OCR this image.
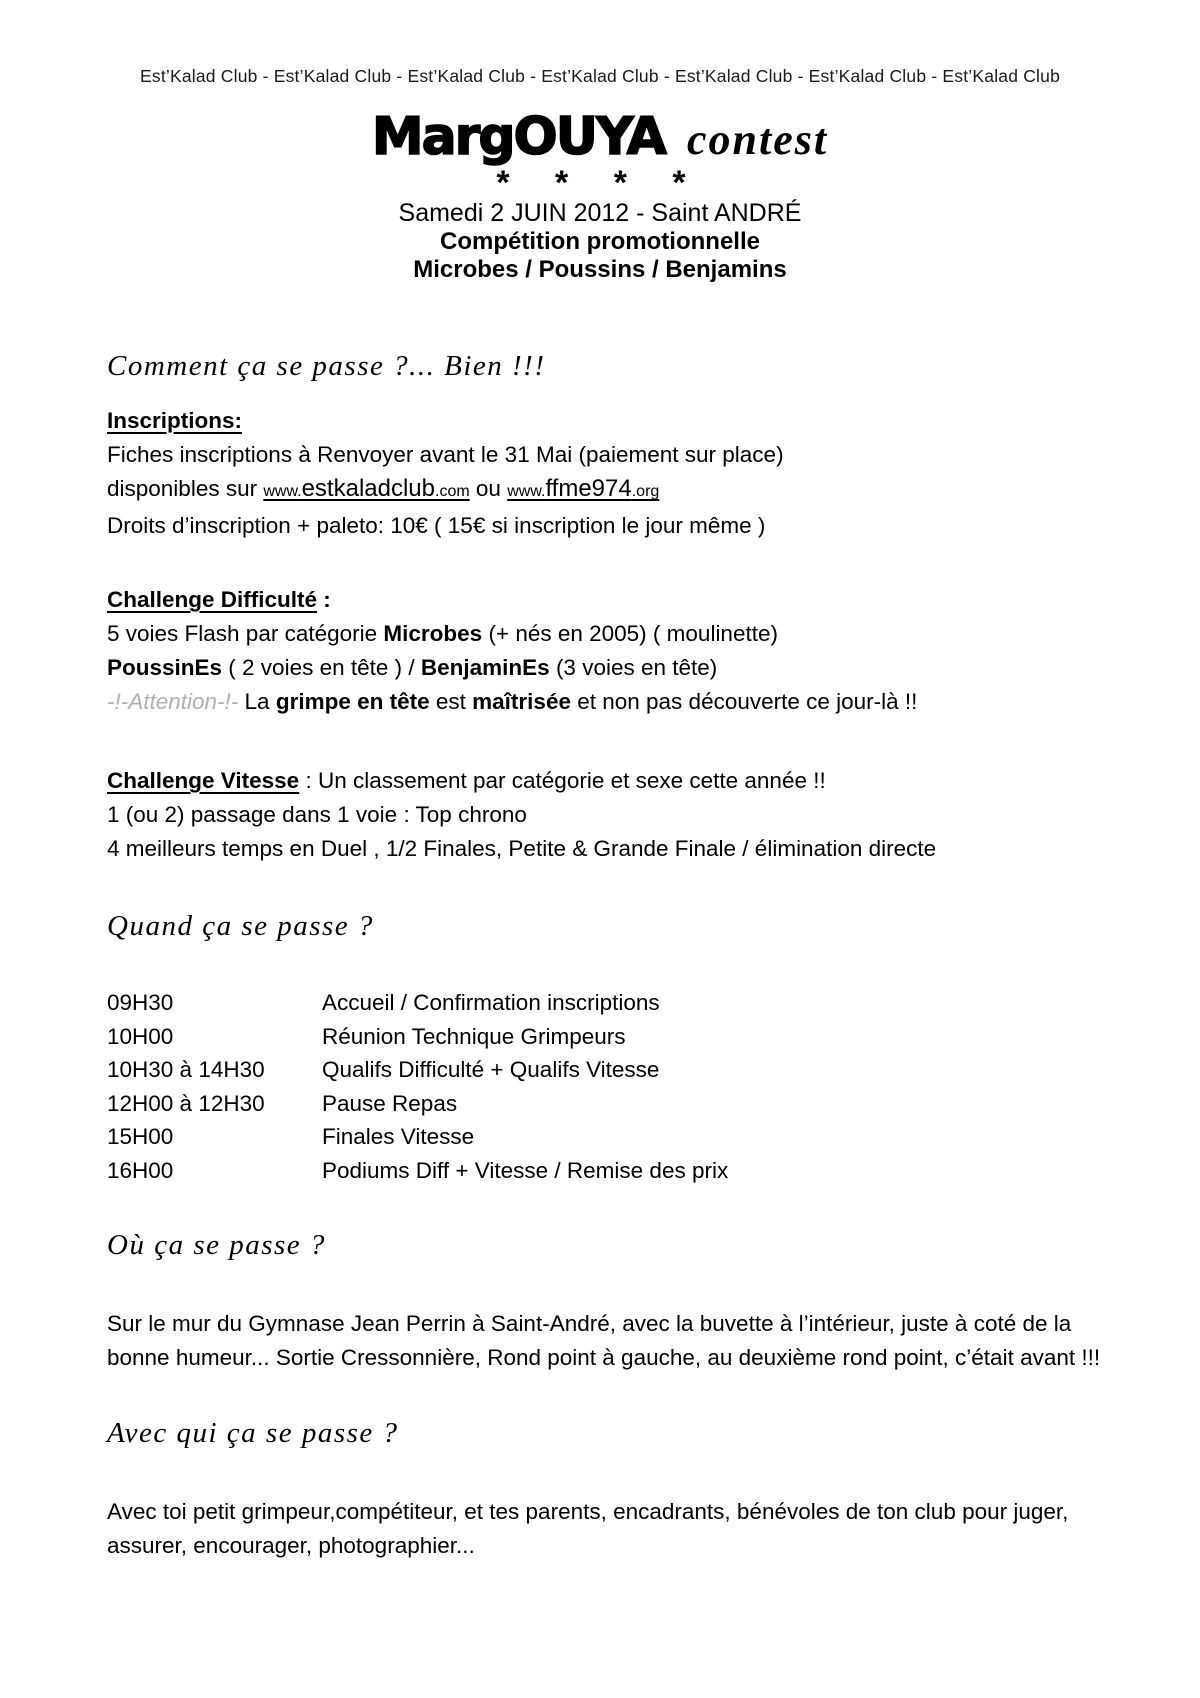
Est’Kalad Club - Est’Kalad Club - Est’Kalad Club - Est’Kalad Club - Est’Kalad Club - Est’Kalad Club - Est’Kalad Club
MargOUYA contest
* * * *
Samedi 2 JUIN 2012 - Saint ANDRÉ
Compétition promotionnelle
Microbes / Poussins / Benjamins
Comment ça se passe ?... Bien !!!
Inscriptions:
Fiches inscriptions à Renvoyer avant le 31 Mai (paiement sur place)
disponibles sur www.estkaladclub.com ou www.ffme974.org
Droits d’inscription + paleto: 10€ ( 15€ si inscription le jour même )
Challenge Difficulté :
5 voies Flash par catégorie Microbes (+ nés en 2005) ( moulinette)
PoussinEs ( 2 voies en tête ) / BenjaminEs (3 voies en tête)
-!-Attention-!- La grimpe en tête est maîtrisée et non pas découverte ce jour-là !!
Challenge Vitesse : Un classement par catégorie et sexe cette année !!
1 (ou 2) passage dans 1 voie : Top chrono
4 meilleurs temps en Duel , 1/2 Finales, Petite & Grande Finale / élimination directe
Quand ça se passe ?
09H30	Accueil / Confirmation inscriptions
10H00	Réunion Technique Grimpeurs
10H30 à 14H30	Qualifs Difficulté + Qualifs Vitesse
12H00 à 12H30	Pause Repas
15H00	Finales Vitesse
16H00	Podiums Diff + Vitesse / Remise des prix
Où ça se passe ?
Sur le mur du Gymnase Jean Perrin à Saint-André, avec la buvette à l’intérieur, juste à coté de la bonne humeur... Sortie Cressonnière, Rond point à gauche, au deuxième rond point, c’était avant !!!
Avec qui ça se passe ?
Avec toi petit grimpeur,compétiteur, et tes parents, encadrants, bénévoles de ton club pour juger, assurer, encourager, photographier...
